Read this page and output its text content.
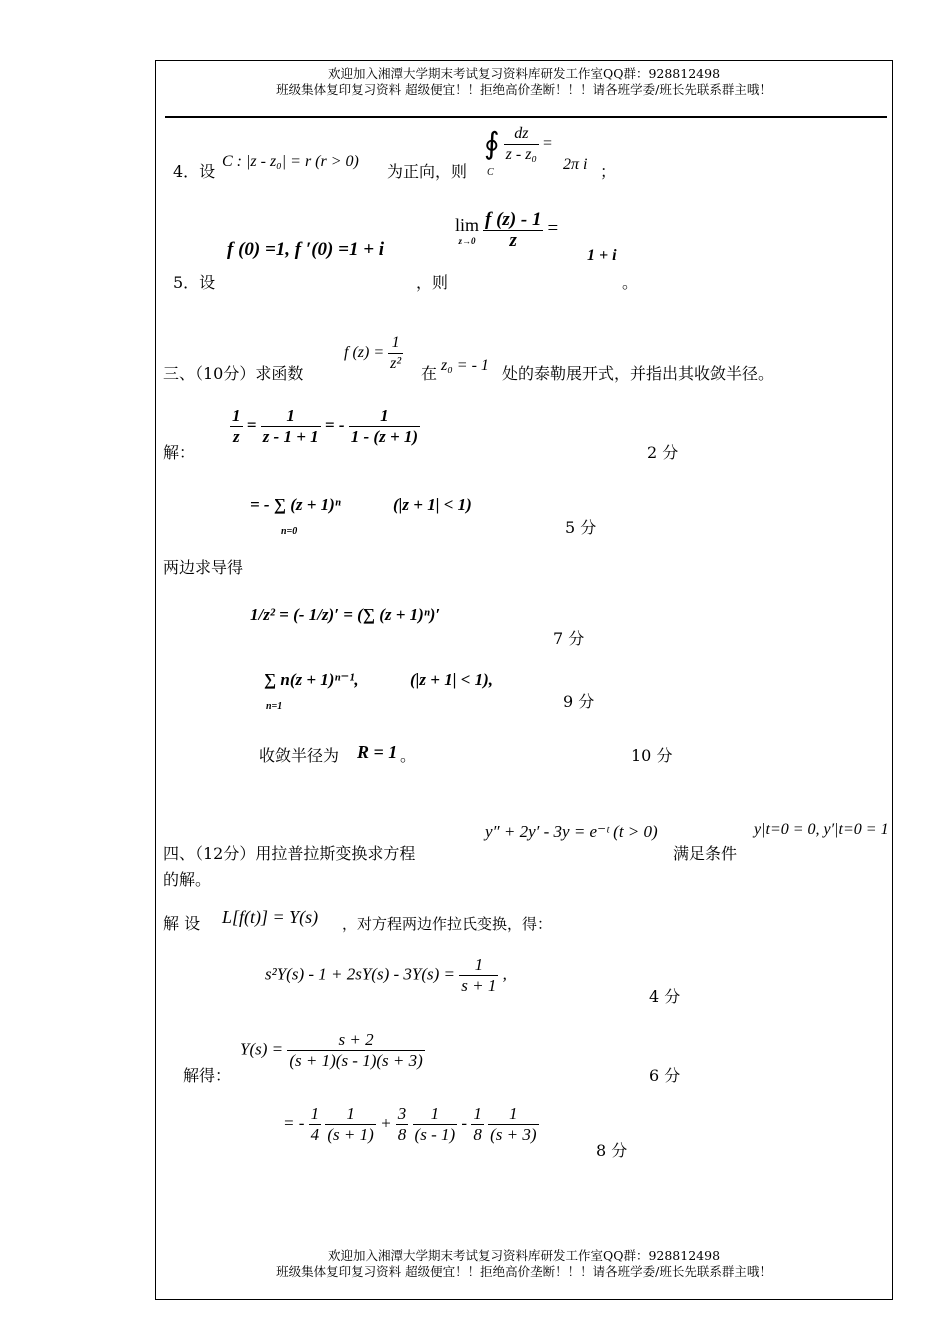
欢迎加入湘潭大学期末考试复习资料库研发工作室QQ群：928812498
班级集体复印复习资料 超级便宜！！拒绝高价垄断！！！请各班学委/班长先联系群主哦！
4．设
C : |z - z₀| = r (r > 0)
为正向，则
∮ $\frac{dz}{\text{z - z₀}}$ =
C	2π i ；
f (0) =1, f ′(0) =1 + i
lim
z→0
$\frac{f (z) - 1}{z}$ =
1 + i
5．设	，则	。
三、（10分）求函数
f $(z) = \frac{1}{\text{z²}}$ 在 z₀ = - 1 处的泰勒展开式，并指出其收敛半径。
解：
$\frac{1}{z} = \frac{1}{z - 1 + 1}$ = - $\frac{1}{1 - (z + 1)}$
2 分
= - ∑ (z + 1)ⁿ	(|z + 1| < 1)
n=0	5 分
两边求导得
1/z² = (- 1/z)′ = (∑ (z + 1)ⁿ)′
7 分
∑ n(z + 1)ⁿ⁻¹,	(|z + 1| < 1),
n=1	9 分
收敛半径为 R = 1 。	10 分
y″ + 2y′ - 3y = e⁻ᵗ (t > 0)	y|t=0 = 0, y′|t=0 = 1
四、（12分）用拉普拉斯变换求方程	满足条件
的解。
解 设 L[f(t)] = Y(s) ，对方程两边作拉氏变换，得：
$s^2Y(s) - 1 + 2sY(s) - 3Y(s) = \frac{1}{s + 1}$ ,
4 分
解得：
$Y(s) = \frac{s + 2}{(s + 1)(s - 1)(s + 3)}$
6 分
= - $\frac{1}{4}$
$\frac{1}{(s + 1)} + \frac{3}{8}$
$\frac{1}{(s - 1)} - \frac{1}{8}$
$\frac{1}{(s + 3)}$
8 分
欢迎加入湘潭大学期末考试复习资料库研发工作室QQ群：928812498
班级集体复印复习资料 超级便宜！！拒绝高价垄断！！！请各班学委/班长先联系群主哦！
